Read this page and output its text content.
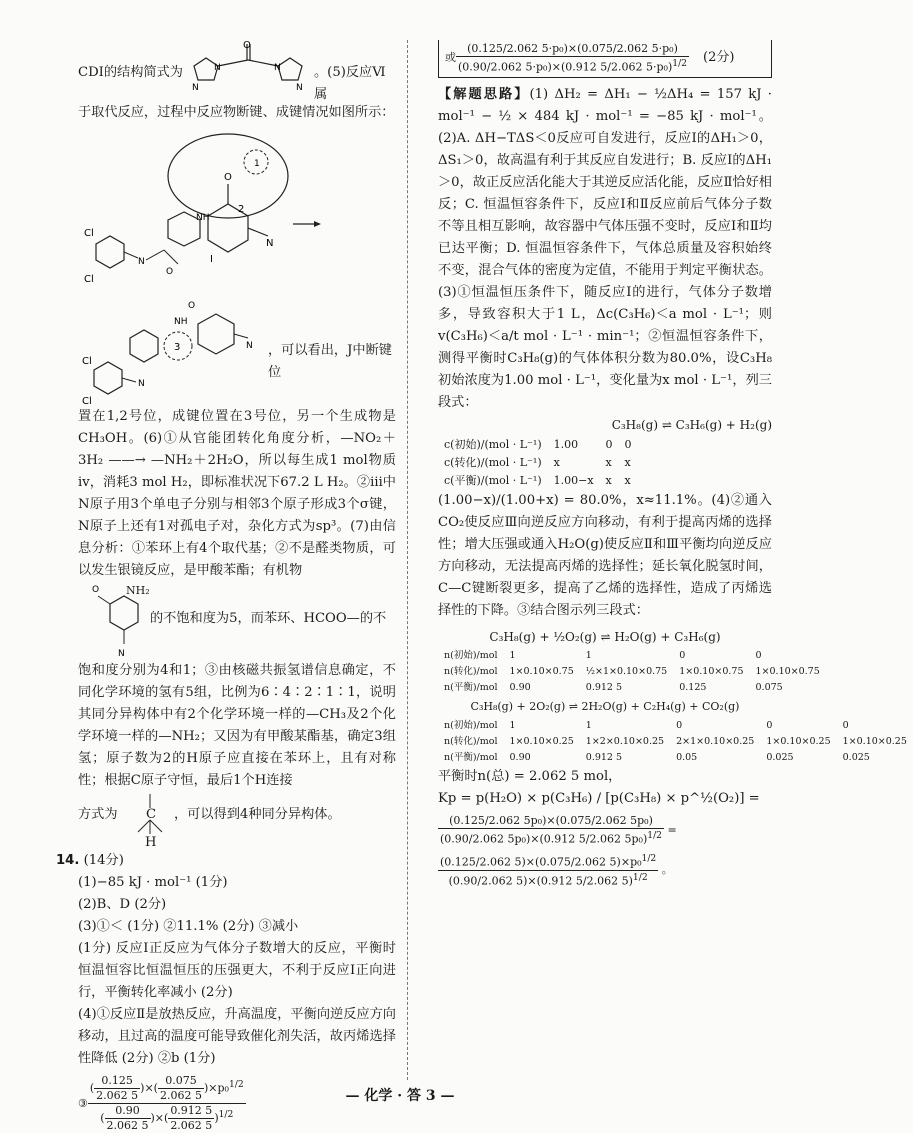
CDI的结构简式为
O
N	N
N	N
。(5)反应Ⅵ属

于取代反应，过程中反应物断键、成键情况如图所示：

O
2
NH
I
1
N
Cl
Cl
N
O
3
O
NH
N
Cl
Cl
N
，可以看出，J中断键位

置在1,2号位，成键位置在3号位，另一个生成物是CH₃OH。(6)①从官能团转化角度分析，—NO₂＋3H₂ ——→ —NH₂＋2H₂O，所以每生成1 mol物质ⅳ，消耗3 mol H₂，即标准状况下67.2 L H₂。②ⅲ中N原子用3个单电子分别与相邻3个原子形成3个σ键，N原子上还有1对孤电子对，杂化方式为sp³。(7)由信息分析：①苯环上有4个取代基；②不是醛类物质，可以发生银镜反应，是甲酸苯酯；有机物

O
N
NH₂
的不饱和度为5，而苯环、HCOO—的不

饱和度分别为4和1；③由核磁共振氢谱信息确定，不同化学环境的氢有5组，比例为6∶4∶2∶1∶1，说明其同分异构体中有2个化学环境一样的—CH₃及2个化学环境一样的—NH₂；又因为有甲酸某酯基，确定3组氢；原子数为2的H原子应直接在苯环上，且有对称性；根据C原子守恒，最后1个H连接

方式为 C
H
，可以得到4种同分异构体。
14. (14分)

(1)−85 kJ · mol⁻¹ (1分)

(2)B、D (2分)

(3)①＜ (1分) ②11.1% (2分) ③减小

(1分) 反应Ⅰ正反应为气体分子数增大的反应，平衡时恒温恒容比恒温恒压的压强更大，不利于反应Ⅰ正向进行，平衡转化率减小 (2分)

(4)①反应Ⅱ是放热反应，升高温度，平衡向逆反应方向移动，且过高的温度可能导致催化剂失活，故丙烯选择性降低 (2分) ②b (1分)

③ $\frac{( \frac{0.125}{2.062 5} )\times( \frac{0.075}{2.062 5} )\times p_0^{1/2}}{( \frac{0.90}{2.062 5} )\times( \frac{0.912 5}{2.062 5} )^{1/2}}$
或 $\frac{\text{(0.125/2.062 5·p₀)×(0.075/2.062 5·p₀)}}{(0.90/2.062 5\cdot p_0)\times(0.912 5/2.062 5\cdot p_0)^{1/2}} (2$分)

【解题思路】(1) ΔH₂ = ΔH₁ − ½ΔH₄ = 157 kJ · mol⁻¹ − ½ × 484 kJ · mol⁻¹ = −85 kJ · mol⁻¹。(2)A. ΔH−TΔS＜0反应可自发进行，反应Ⅰ的ΔH₁＞0，ΔS₁＞0，故高温有利于其反应自发进行；B. 反应Ⅰ的ΔH₁＞0，故正反应活化能大于其逆反应活化能，反应Ⅱ恰好相反；C. 恒温恒容条件下，反应Ⅰ和Ⅱ反应前后气体分子数不等且相互影响，故容器中气体压强不变时，反应Ⅰ和Ⅱ均已达平衡；D. 恒温恒容条件下，气体总质量及容积始终不变，混合气体的密度为定值，不能用于判定平衡状态。(3)①恒温恒压条件下，随反应Ⅰ的进行，气体分子数增多，导致容积大于1 L，Δc(C₃H₆)＜a mol · L⁻¹；则v(C₃H₆)＜a/t mol · L⁻¹ · min⁻¹；②恒温恒容条件下，测得平衡时C₃H₈(g)的气体体积分数为80.0%，设C₃H₈初始浓度为1.00 mol · L⁻¹，变化量为x mol · L⁻¹，列三段式：

C₃H₈(g) ⇌ C₃H₆(g) + H₂(g)
c(初始)/(mol · L⁻¹)	1.00	0	0
c(转化)/(mol · L⁻¹)	x	x	x
c(平衡)/(mol · L⁻¹)	1.00−x	x	x

(1.00−x)/(1.00+x) = 80.0%，x≈11.1%。(4)②通入CO₂使反应Ⅲ向逆反应方向移动，有利于提高丙烯的选择性；增大压强或通入H₂O(g)使反应Ⅱ和Ⅲ平衡均向逆反应方向移动，无法提高丙烯的选择性；延长氧化脱氢时间，C—C键断裂更多，提高了乙烯的选择性，造成了丙烯选择性的下降。③结合图示列三段式：

C₃H₈(g) + ½O₂(g) ⇌ H₂O(g) + C₃H₆(g)
n(初始)/mol	1	1	0	0
n(转化)/mol	1×0.10×0.75	½×1×0.10×0.75	1×0.10×0.75	1×0.10×0.75
n(平衡)/mol	0.90	0.912 5	0.125	0.075
C₃H₈(g) + 2O₂(g) ⇌ 2H₂O(g) + C₂H₄(g) + CO₂(g)
n(初始)/mol	1	1	0	0	0
n(转化)/mol	1×0.10×0.25	1×2×0.10×0.25	2×1×0.10×0.25	1×0.10×0.25	1×0.10×0.25
n(平衡)/mol	0.90	0.912 5	0.05	0.025	0.025

平衡时n(总) = 2.062 5 mol，

Kp = p(H₂O) × p(C₃H₆) / [p(C₃H₈) × p^½(O₂)] =

$\frac{\text{(0.125/2.062 5p₀)×(0.075/2.062 5p₀)}}{(0.90/2.062 5p_0)\times(0.912 5/2.062 5p_0)^{1/2}}$ =
$\frac{(0.125/2.062 5)\times(0.075/2.062 5)\times p_0^{1/2}}{(0.90/2.062 5)\times(0.912 5/2.062 5)^{1/2}}$ 。
— 化学 · 答 3 —
